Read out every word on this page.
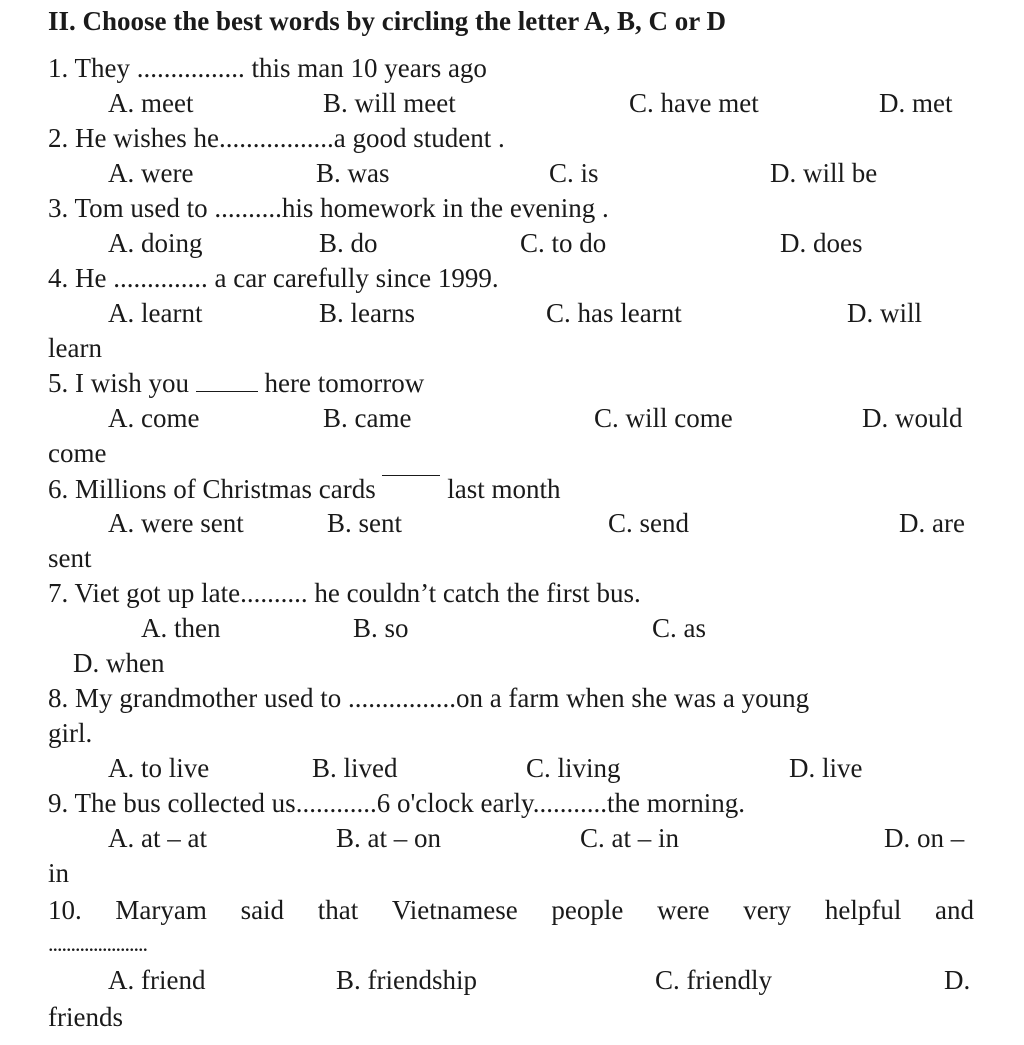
II. Choose the best words by circling the letter A, B, C or D
1. They ................ this man 10 years ago
A. meet	B. will meet	C. have met	D. met
2. He wishes he.................a good student .
A. were	B. was	C. is	D. will be
3. Tom used to ..........his homework in the evening .
A. doing	B. do	C. to do	D. does
4. He .............. a car carefully since 1999.
A. learnt	B. learns	C. has learnt	D. will
learn
5. I wish you	here tomorrow
A. come	B. came	C. will come	D. would
come
6. Millions of Christmas cards	last month
A. were sent	B. sent	C. send	D. are
sent
7. Viet got up late.......... he couldn’t catch the first bus.
A. then	B. so	C. as
D. when
8. My grandmother used to ................on a farm when she was a young
girl.
A. to live	B. lived	C. living	D. live
9. The bus collected us............6 o'clock early...........the morning.
A. at – at	B. at – on	C. at – in	D. on –
in
10. Maryam said that Vietnamese people were very helpful and
......................
A. friend	B. friendship	C. friendly	D.
friends
